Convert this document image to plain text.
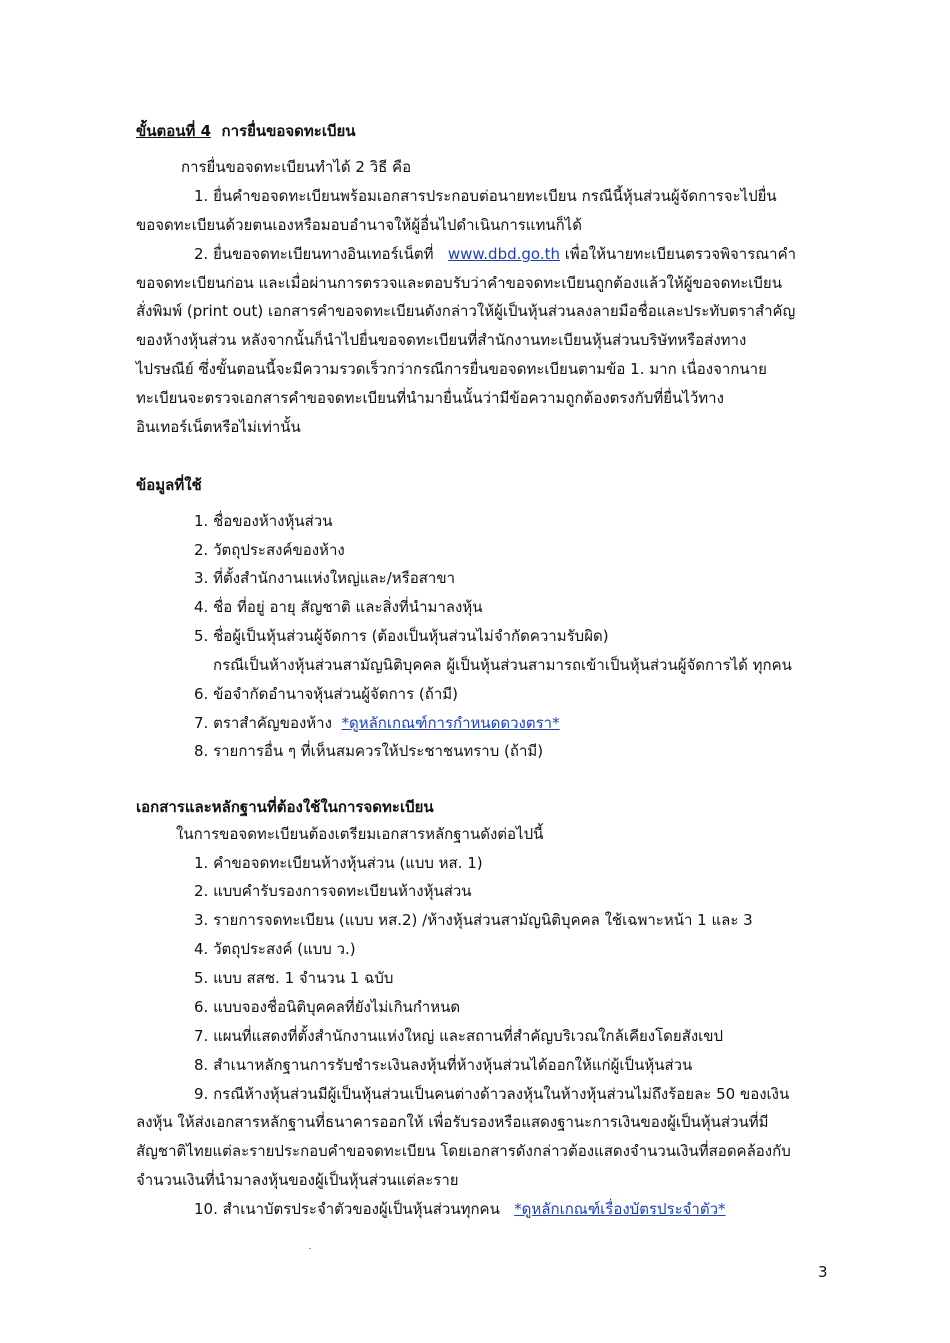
ขั้นตอนที่ 4 การยื่นขอจดทะเบียน
การยื่นขอจดทะเบียนทำได้ 2 วิธี คือ
1. ยื่นคำขอจดทะเบียนพร้อมเอกสารประกอบต่อนายทะเบียน กรณีนี้หุ้นส่วนผู้จัดการจะไปยื่น
ขอจดทะเบียนด้วยตนเองหรือมอบอำนาจให้ผู้อื่นไปดำเนินการแทนก็ได้
2. ยื่นขอจดทะเบียนทางอินเทอร์เน็ตที่ www.dbd.go.th เพื่อให้นายทะเบียนตรวจพิจารณาคำ
ขอจดทะเบียนก่อน และเมื่อผ่านการตรวจและตอบรับว่าคำขอจดทะเบียนถูกต้องแล้วให้ผู้ขอจดทะเบียน
สั่งพิมพ์ (print out) เอกสารคำขอจดทะเบียนดังกล่าวให้ผู้เป็นหุ้นส่วนลงลายมือชื่อและประทับตราสำคัญ
ของห้างหุ้นส่วน หลังจากนั้นก็นำไปยื่นขอจดทะเบียนที่สำนักงานทะเบียนหุ้นส่วนบริษัทหรือส่งทาง
ไปรษณีย์ ซึ่งขั้นตอนนี้จะมีความรวดเร็วกว่ากรณีการยื่นขอจดทะเบียนตามข้อ 1. มาก เนื่องจากนาย
ทะเบียนจะตรวจเอกสารคำขอจดทะเบียนที่นำมายื่นนั้นว่ามีข้อความถูกต้องตรงกับที่ยื่นไว้ทาง
อินเทอร์เน็ตหรือไม่เท่านั้น
ข้อมูลที่ใช้
1. ชื่อของห้างหุ้นส่วน
2. วัตถุประสงค์ของห้าง
3. ที่ตั้งสำนักงานแห่งใหญ่และ/หรือสาขา
4. ชื่อ ที่อยู่ อายุ สัญชาติ และสิ่งที่นำมาลงหุ้น
5. ชื่อผู้เป็นหุ้นส่วนผู้จัดการ (ต้องเป็นหุ้นส่วนไม่จำกัดความรับผิด)
กรณีเป็นห้างหุ้นส่วนสามัญนิติบุคคล ผู้เป็นหุ้นส่วนสามารถเข้าเป็นหุ้นส่วนผู้จัดการได้ ทุกคน
6. ข้อจำกัดอำนาจหุ้นส่วนผู้จัดการ (ถ้ามี)
7. ตราสำคัญของห้าง *ดูหลักเกณฑ์การกำหนดดวงตรา*
8. รายการอื่น ๆ ที่เห็นสมควรให้ประชาชนทราบ (ถ้ามี)
เอกสารและหลักฐานที่ต้องใช้ในการจดทะเบียน
ในการขอจดทะเบียนต้องเตรียมเอกสารหลักฐานดังต่อไปนี้
1. คำขอจดทะเบียนห้างหุ้นส่วน (แบบ หส. 1)
2. แบบคำรับรองการจดทะเบียนห้างหุ้นส่วน
3. รายการจดทะเบียน (แบบ หส.2) /ห้างหุ้นส่วนสามัญนิติบุคคล ใช้เฉพาะหน้า 1 และ 3
4. วัตถุประสงค์ (แบบ ว.)
5. แบบ สสช. 1 จำนวน 1 ฉบับ
6. แบบจองชื่อนิติบุคคลที่ยังไม่เกินกำหนด
7. แผนที่แสดงที่ตั้งสำนักงานแห่งใหญ่ และสถานที่สำคัญบริเวณใกล้เคียงโดยสังเขป
8. สำเนาหลักฐานการรับชำระเงินลงหุ้นที่ห้างหุ้นส่วนได้ออกให้แก่ผู้เป็นหุ้นส่วน
9. กรณีห้างหุ้นส่วนมีผู้เป็นหุ้นส่วนเป็นคนต่างด้าวลงหุ้นในห้างหุ้นส่วนไม่ถึงร้อยละ 50 ของเงิน
ลงหุ้น ให้ส่งเอกสารหลักฐานที่ธนาคารออกให้ เพื่อรับรองหรือแสดงฐานะการเงินของผู้เป็นหุ้นส่วนที่มี
สัญชาติไทยแต่ละรายประกอบคำขอจดทะเบียน โดยเอกสารดังกล่าวต้องแสดงจำนวนเงินที่สอดคล้องกับ
จำนวนเงินที่นำมาลงหุ้นของผู้เป็นหุ้นส่วนแต่ละราย
10. สำเนาบัตรประจำตัวของผู้เป็นหุ้นส่วนทุกคน *ดูหลักเกณฑ์เรื่องบัตรประจำตัว*
3
